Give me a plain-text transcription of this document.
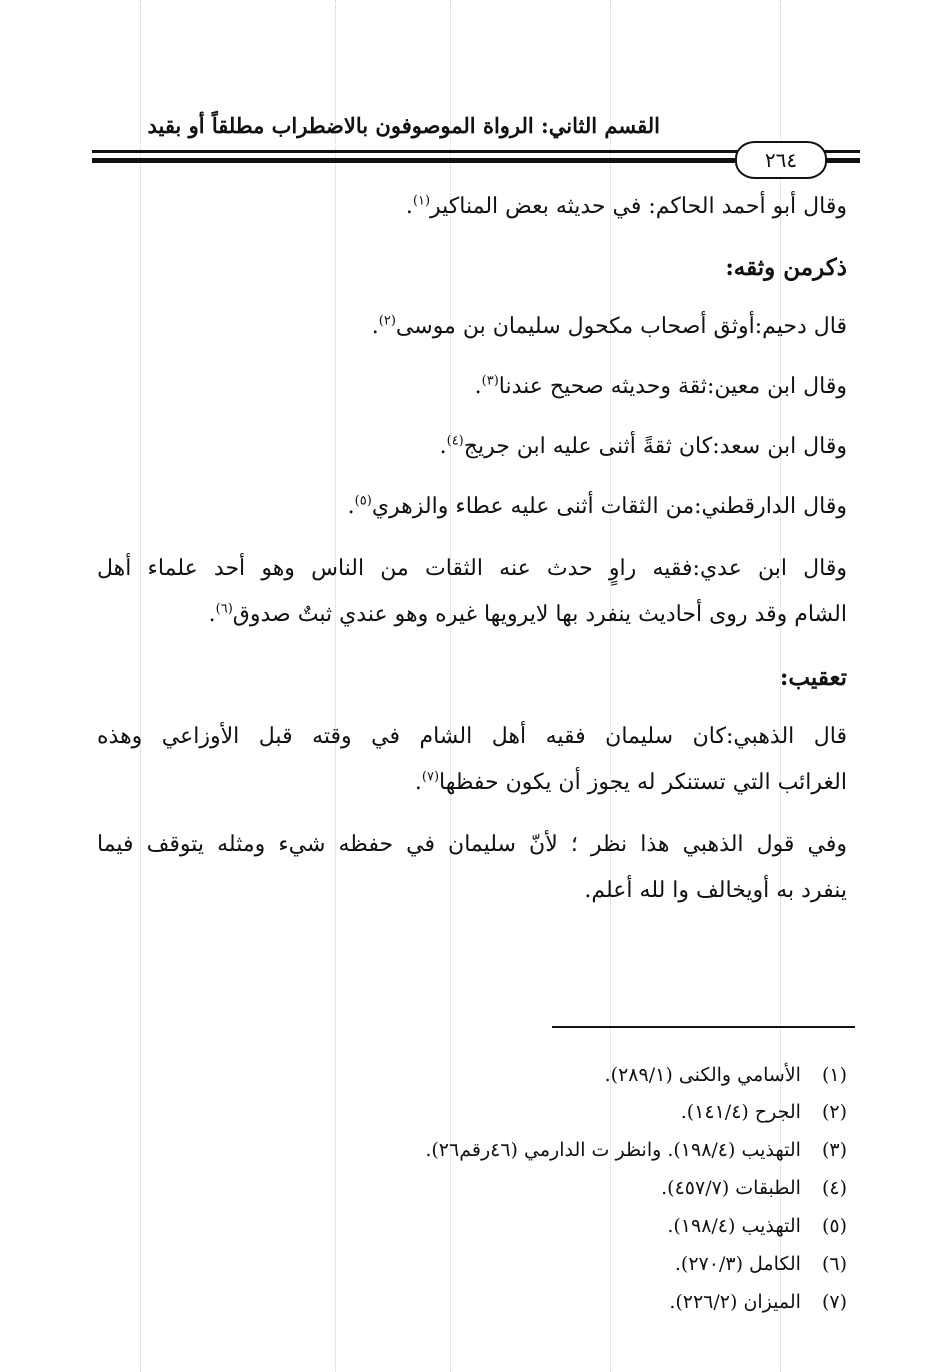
القسم الثاني: الرواة الموصوفون بالاضطراب مطلقاً أو بقيد
٢٦٤
وقال أبو أحمد الحاكم: في حديثه بعض المناكير$^{(١)}$.
ذكرمن وثقه:
قال دحيم:أوثق أصحاب مكحول سليمان بن موسى$^{(٢)}$.
وقال ابن معين:ثقة وحديثه صحيح عندنا$^{(٣)}$.
وقال ابن سعد:كان ثقةً أثنى عليه ابن جريج$^{(٤)}$.
وقال الدارقطني:من الثقات أثنى عليه عطاء والزهري$^{(٥)}$.
وقال ابن عدي:فقيه راوٍ حدث عنه الثقات من الناس وهو أحد علماء أهل
الشام وقد روى أحاديث ينفرد بها لايرويها غيره وهو عندي ثبتٌ صدوق$^{(٦)}$.
تعقيب:
قال الذهبي:كان سليمان فقيه أهل الشام في وقته قبل الأوزاعي وهذه
الغرائب التي تستنكر له يجوز أن يكون حفظها$^{(٧)}$.
وفي قول الذهبي هذا نظر ؛ لأنّ سليمان في حفظه شيء ومثله يتوقف فيما
ينفرد به أويخالف وا لله أعلم.
(١) الأسامي والكنى (٢٨٩/١).
(٢) الجرح (١٤١/٤).
(٣) التهذيب (١٩٨/٤). وانظر ت الدارمي (٤٦رقم٢٦).
(٤) الطبقات (٤٥٧/٧).
(٥) التهذيب (١٩٨/٤).
(٦) الكامل (٢٧٠/٣).
(٧) الميزان (٢٢٦/٢).
